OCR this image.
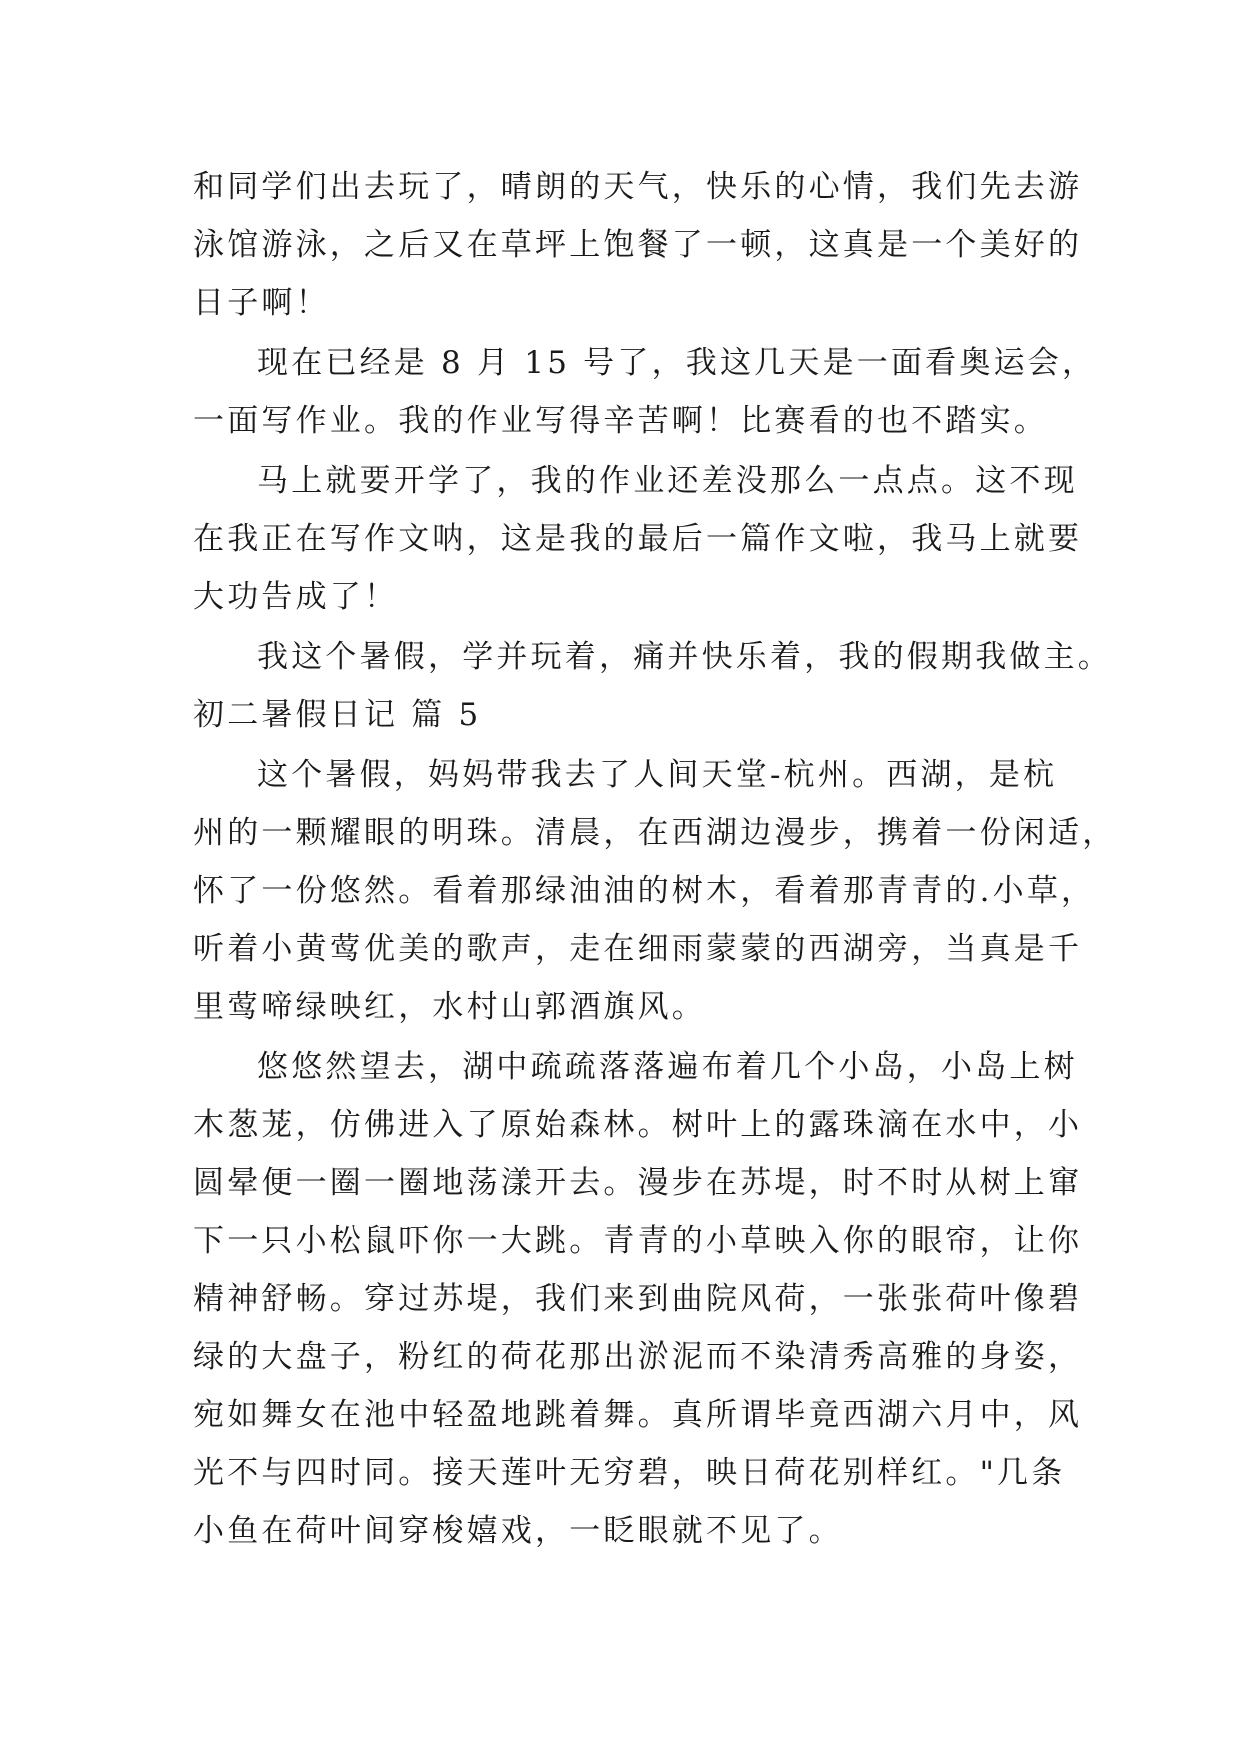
和同学们出去玩了，晴朗的天气，快乐的心情，我们先去游
泳馆游泳，之后又在草坪上饱餐了一顿，这真是一个美好的
日子啊！
现在已经是 8 月 15 号了，我这几天是一面看奥运会，
一面写作业。我的作业写得辛苦啊！比赛看的也不踏实。
马上就要开学了，我的作业还差没那么一点点。这不现
在我正在写作文呐，这是我的最后一篇作文啦，我马上就要
大功告成了！
我这个暑假，学并玩着，痛并快乐着，我的假期我做主。
初二暑假日记 篇 5
这个暑假，妈妈带我去了人间天堂-杭州。西湖，是杭
州的一颗耀眼的明珠。清晨，在西湖边漫步，携着一份闲适，
怀了一份悠然。看着那绿油油的树木，看着那青青的.小草，
听着小黄莺优美的歌声，走在细雨蒙蒙的西湖旁，当真是千
里莺啼绿映红，水村山郭酒旗风。
悠悠然望去，湖中疏疏落落遍布着几个小岛，小岛上树
木葱茏，仿佛进入了原始森林。树叶上的露珠滴在水中，小
圆晕便一圈一圈地荡漾开去。漫步在苏堤，时不时从树上窜
下一只小松鼠吓你一大跳。青青的小草映入你的眼帘，让你
精神舒畅。穿过苏堤，我们来到曲院风荷，一张张荷叶像碧
绿的大盘子，粉红的荷花那出淤泥而不染清秀高雅的身姿，
宛如舞女在池中轻盈地跳着舞。真所谓毕竟西湖六月中，风
光不与四时同。接天莲叶无穷碧，映日荷花别样红。"几条
小鱼在荷叶间穿梭嬉戏，一眨眼就不见了。
